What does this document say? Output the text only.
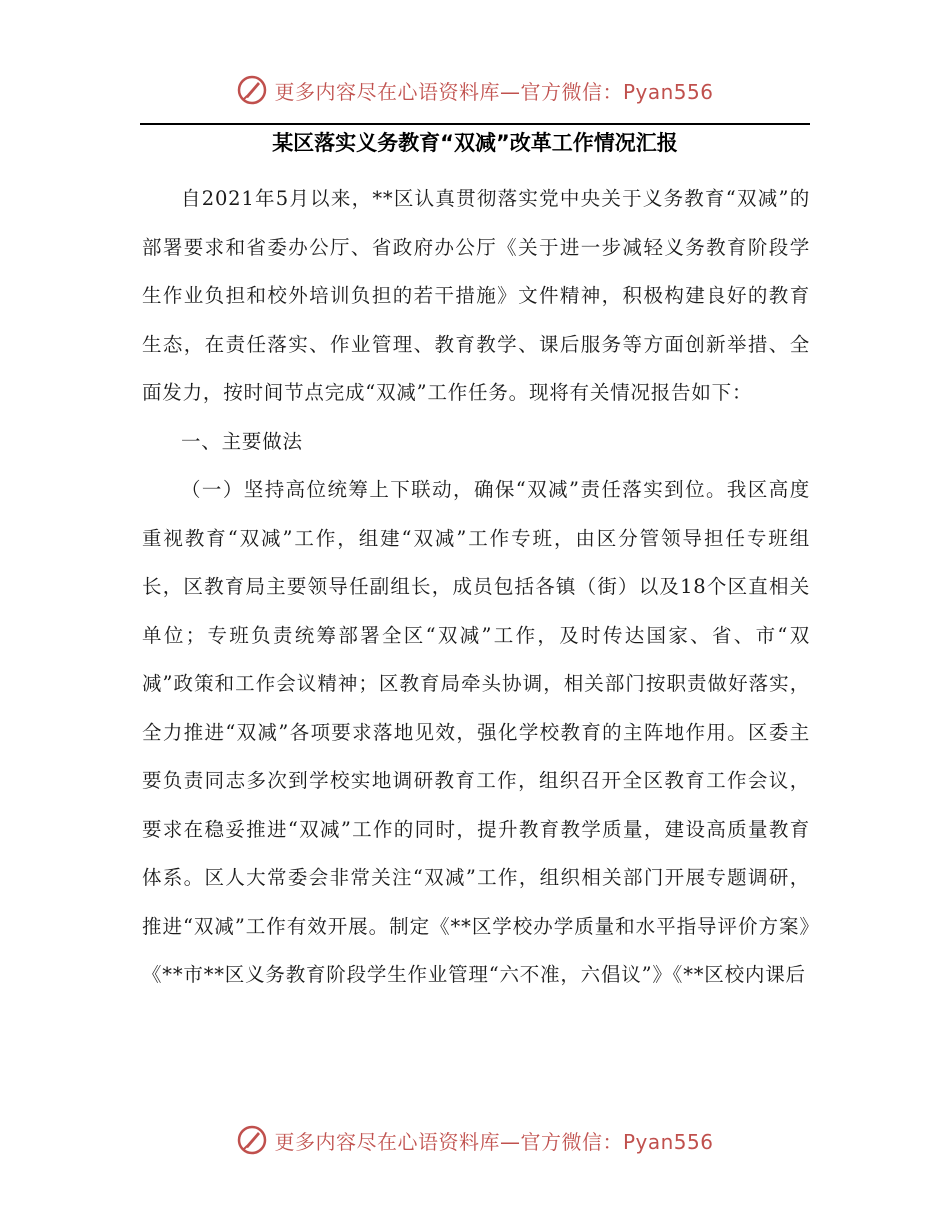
更多内容尽在心语资料库—官方微信：Pyan556
某区落实义务教育“双减”改革工作情况汇报

自2021年5月以来，**区认真贯彻落实党中央关于义务教育“双减”的部署要求和省委办公厅、省政府办公厅《关于进一步减轻义务教育阶段学生作业负担和校外培训负担的若干措施》文件精神，积极构建良好的教育生态，在责任落实、作业管理、教育教学、课后服务等方面创新举措、全面发力，按时间节点完成“双减”工作任务。现将有关情况报告如下：

一、主要做法

（一）坚持高位统筹上下联动，确保“双减”责任落实到位。我区高度重视教育“双减”工作，组建“双减”工作专班，由区分管领导担任专班组长，区教育局主要领导任副组长，成员包括各镇（街）以及18个区直相关单位；专班负责统筹部署全区“双减”工作，及时传达国家、省、市“双减”政策和工作会议精神；区教育局牵头协调，相关部门按职责做好落实，全力推进“双减”各项要求落地见效，强化学校教育的主阵地作用。区委主要负责同志多次到学校实地调研教育工作，组织召开全区教育工作会议，要求在稳妥推进“双减”工作的同时，提升教育教学质量，建设高质量教育体系。区人大常委会非常关注“双减”工作，组织相关部门开展专题调研，推进“双减”工作有效开展。制定《**区学校办学质量和水平指导评价方案》《**市**区义务教育阶段学生作业管理“六不准，六倡议”》《**区校内课后

更多内容尽在心语资料库—官方微信：Pyan556
